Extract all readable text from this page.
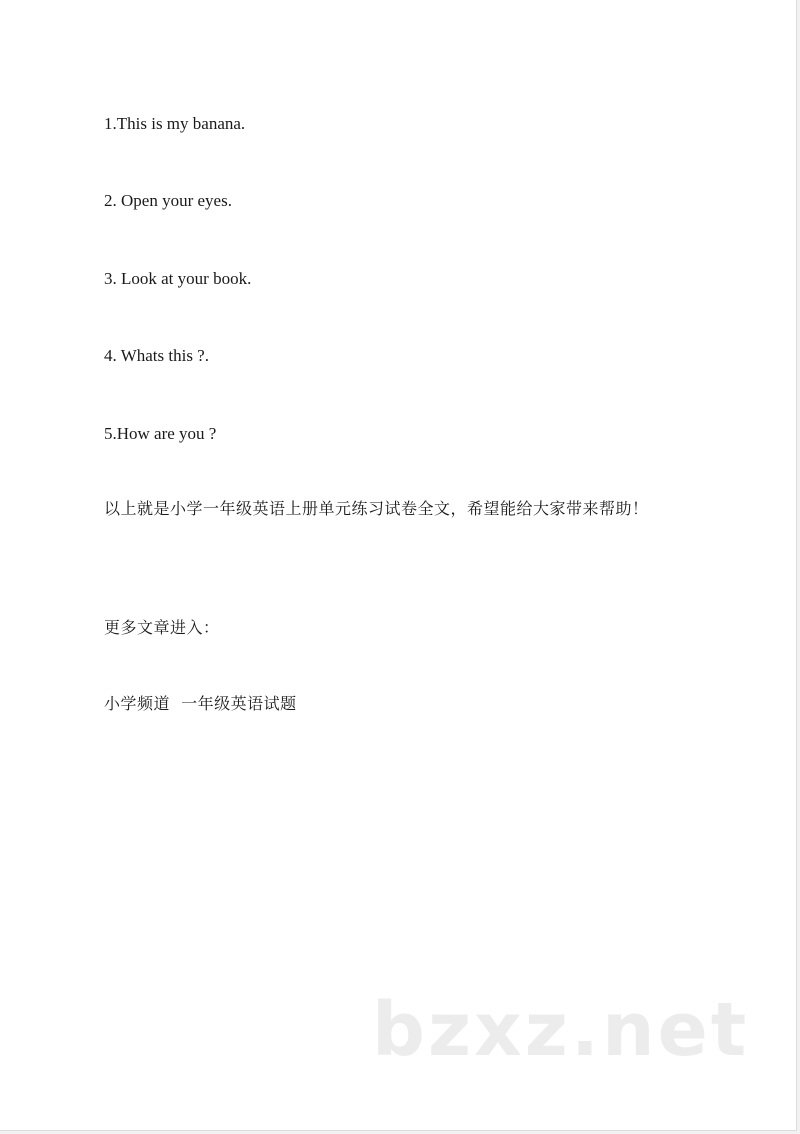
1.This is my banana.
2. Open your eyes.
3. Look at your book.
4. Whats this ?.
5.How are you ?
以上就是小学一年级英语上册单元练习试卷全文，希望能给大家带来帮助！
更多文章进入：
小学频道  一年级英语试题
bzxz.net
